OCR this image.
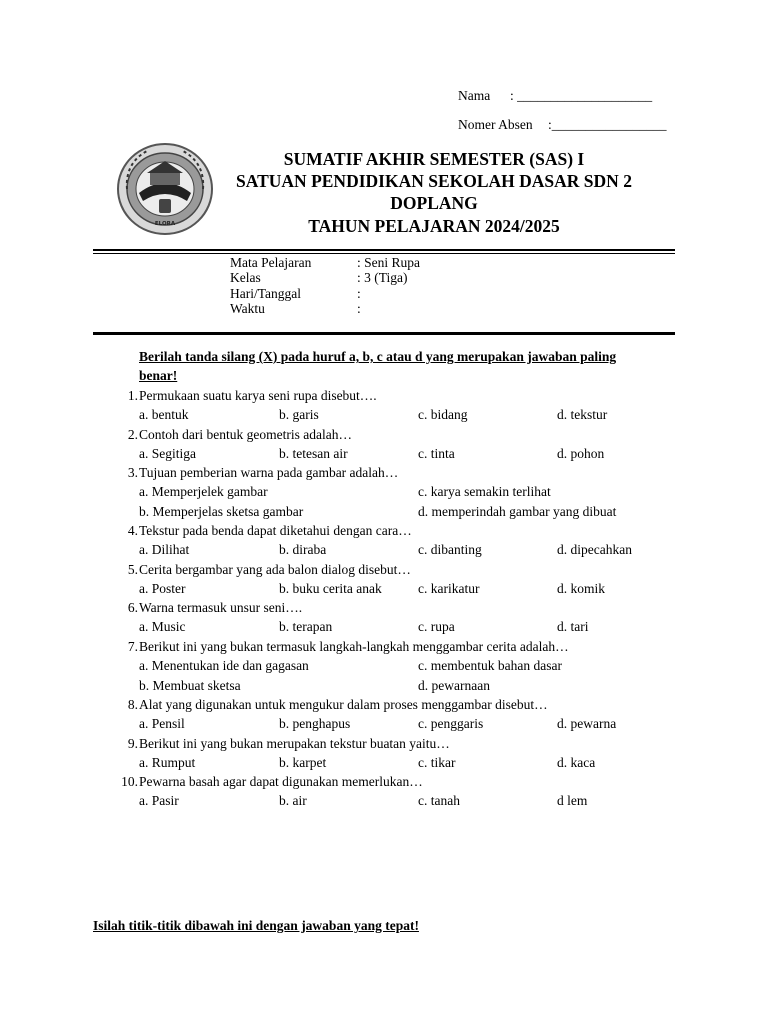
Nama : ____________________
Nomer Absen :_________________
ELORA
SUMATIF AKHIR SEMESTER (SAS) I
SATUAN PENDIDIKAN SEKOLAH DASAR SDN 2
DOPLANG
TAHUN PELAJARAN 2024/2025
Mata Pelajaran	: Seni Rupa
Kelas	: 3 (Tiga)
Hari/Tanggal	:
Waktu	:
Berilah tanda silang (X) pada huruf a, b, c atau d yang merupakan jawaban paling benar!
1. Permukaan suatu karya seni rupa disebut….
a. bentuk	b. garis	c. bidang	d. tekstur
2. Contoh dari bentuk geometris adalah…
a. Segitiga	b. tetesan air	c. tinta	d. pohon
3. Tujuan pemberian warna pada gambar adalah…
a. Memperjelek gambar	c. karya semakin terlihat
b. Memperjelas sketsa gambar	d. memperindah gambar yang dibuat
4. Tekstur pada benda dapat diketahui dengan cara…
a. Dilihat	b. diraba	c. dibanting	d. dipecahkan
5. Cerita bergambar yang ada balon dialog disebut…
a. Poster	b. buku cerita anak	c. karikatur	d. komik
6. Warna termasuk unsur seni….
a. Music	b. terapan	c. rupa	d. tari
7. Berikut ini yang bukan termasuk langkah-langkah menggambar cerita adalah…
a. Menentukan ide dan gagasan	c. membentuk bahan dasar
b. Membuat sketsa	d. pewarnaan
8. Alat yang digunakan untuk mengukur dalam proses menggambar disebut…
a. Pensil	b. penghapus	c. penggaris	d. pewarna
9. Berikut ini yang bukan merupakan tekstur buatan yaitu…
a. Rumput	b. karpet	c. tikar	d. kaca
10. Pewarna basah agar dapat digunakan memerlukan…
a. Pasir	b. air	c. tanah	d lem
Isilah titik-titik dibawah ini dengan jawaban yang tepat!
